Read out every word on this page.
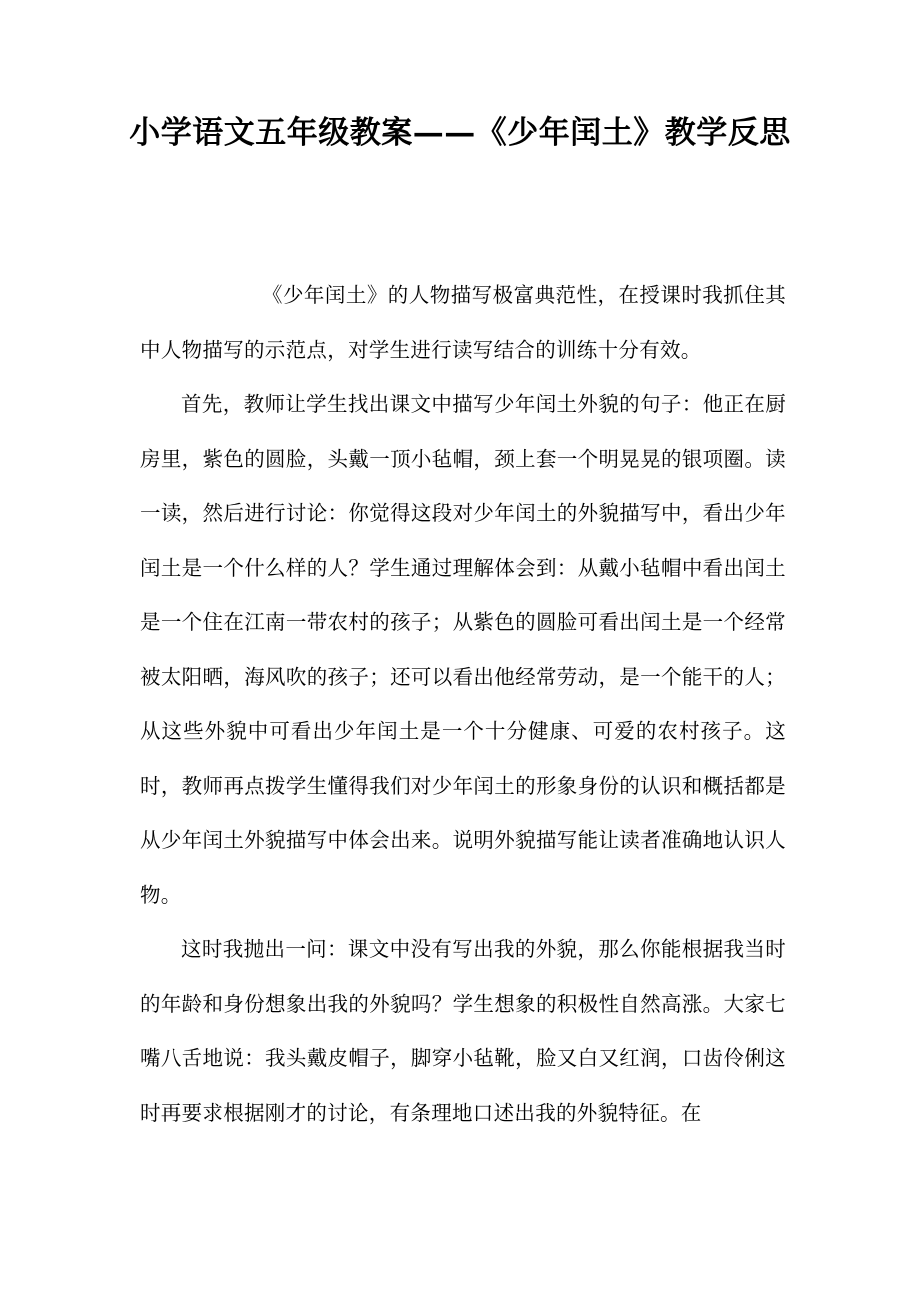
小学语文五年级教案——《少年闰土》教学反思

《少年闰土》的人物描写极富典范性，在授课时我抓住其中人物描写的示范点，对学生进行读写结合的训练十分有效。

首先，教师让学生找出课文中描写少年闰土外貌的句子：他正在厨房里，紫色的圆脸，头戴一顶小毡帽，颈上套一个明晃晃的银项圈。读一读，然后进行讨论：你觉得这段对少年闰土的外貌描写中，看出少年闰土是一个什么样的人？学生通过理解体会到：从戴小毡帽中看出闰土是一个住在江南一带农村的孩子；从紫色的圆脸可看出闰土是一个经常被太阳晒，海风吹的孩子；还可以看出他经常劳动，是一个能干的人；从这些外貌中可看出少年闰土是一个十分健康、可爱的农村孩子。这时，教师再点拨学生懂得我们对少年闰土的形象身份的认识和概括都是从少年闰土外貌描写中体会出来。说明外貌描写能让读者准确地认识人物。

这时我抛出一问：课文中没有写出我的外貌，那么你能根据我当时的年龄和身份想象出我的外貌吗？学生想象的积极性自然高涨。大家七嘴八舌地说：我头戴皮帽子，脚穿小毡靴，脸又白又红润，口齿伶俐这时再要求根据刚才的讨论，有条理地口述出我的外貌特征。在
